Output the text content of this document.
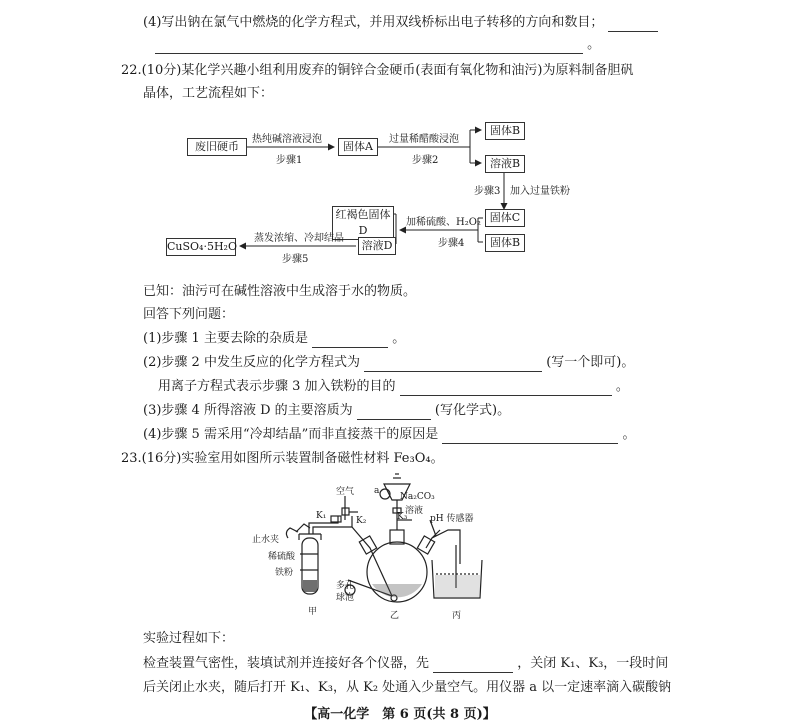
(4)写出钠在氯气中燃烧的化学方程式，并用双线桥标出电子转移的方向和数目；
。
22.(10分)某化学兴趣小组利用废弃的铜锌合金硬币(表面有氧化物和油污)为原料制备胆矾
晶体，工艺流程如下：
废旧硬币	固体A
固体B
溶液B
固体C
固体B
红褐色固体D
溶液D
CuSO₄·5H₂O
热纯碱溶液浸泡
步骤1
过量稀醋酸浸泡
步骤2
步骤3 加入过量铁粉
加稀硫酸、H₂O₂
步骤4
蒸发浓缩、冷却结晶
步骤5
已知：油污可在碱性溶液中生成溶于水的物质。
回答下列问题：
(1)步骤 1 主要去除的杂质是	。
(2)步骤 2 中发生反应的化学方程式为	(写一个即可)。
用离子方程式表示步骤 3 加入铁粉的目的	。
(3)步骤 4 所得溶液 D 的主要溶质为	(写化学式)。
(4)步骤 5 需采用“冷却结晶”而非直接蒸干的原因是	。
23.(16分)实验室用如图所示装置制备磁性材料 Fe₃O₄。
空气 a
Na₂CO₃
溶液
K₁	K₂	K₃	pH 传感器
止水夹
稀硫酸
铁粉
多孔
球泡
甲	乙	丙
实验过程如下：
检查装置气密性，装填试剂并连接好各个仪器，先	，关闭 K₁、K₃，一段时间
后关闭止水夹，随后打开 K₁、K₃，从 K₂ 处通入少量空气。用仪器 a 以一定速率滴入碳酸钠
【高一化学　第 6 页(共 8 页)】
